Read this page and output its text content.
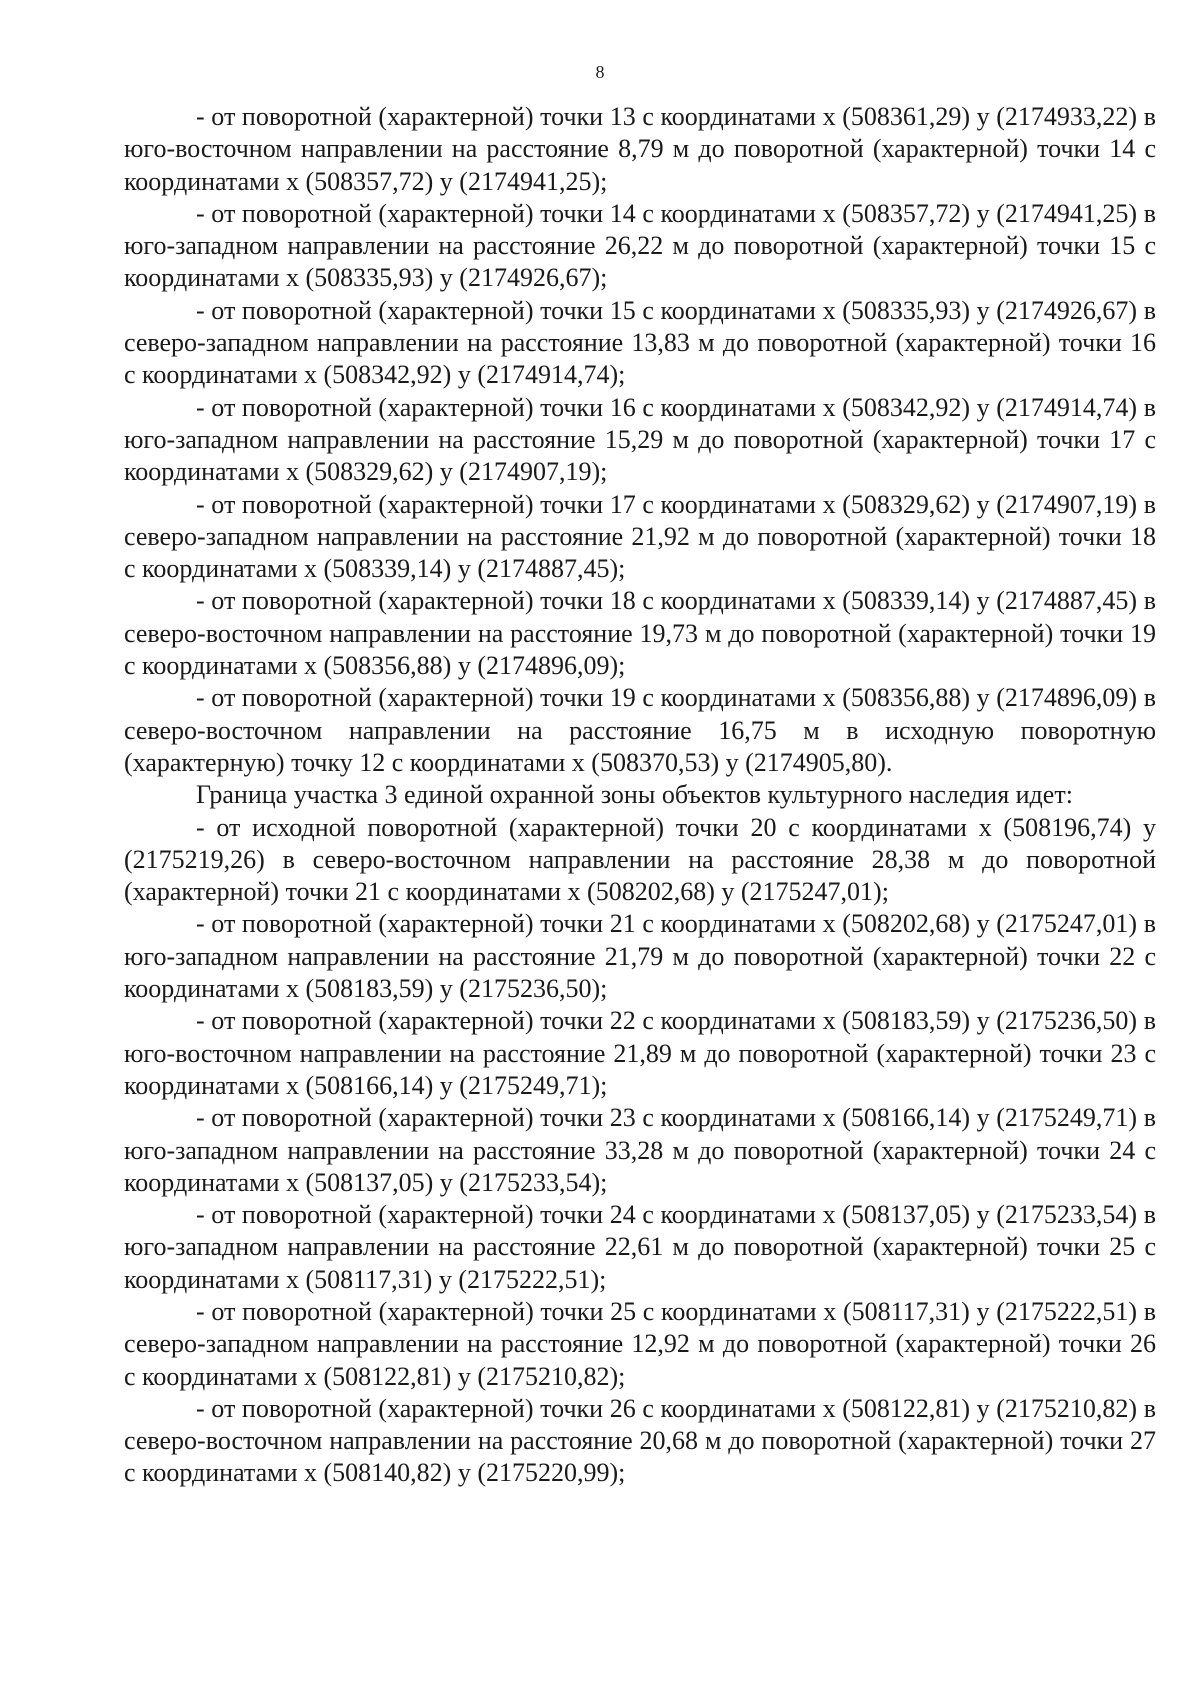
8

- от поворотной (характерной) точки 13 с координатами х (508361,29) у (2174933,22) в юго-восточном направлении на расстояние 8,79 м до поворотной (характерной) точки 14 с координатами х (508357,72) у (2174941,25);

- от поворотной (характерной) точки 14 с координатами х (508357,72) у (2174941,25) в юго-западном направлении на расстояние 26,22 м до поворотной (характерной) точки 15 с координатами х (508335,93) у (2174926,67);

- от поворотной (характерной) точки 15 с координатами х (508335,93) у (2174926,67) в северо-западном направлении на расстояние 13,83 м до поворотной (характерной) точки 16 с координатами х (508342,92) у (2174914,74);

- от поворотной (характерной) точки 16 с координатами х (508342,92) у (2174914,74) в юго-западном направлении на расстояние 15,29 м до поворотной (характерной) точки 17 с координатами х (508329,62) у (2174907,19);

- от поворотной (характерной) точки 17 с координатами х (508329,62) у (2174907,19) в северо-западном направлении на расстояние 21,92 м до поворотной (характерной) точки 18 с координатами х (508339,14) у (2174887,45);

- от поворотной (характерной) точки 18 с координатами х (508339,14) у (2174887,45) в северо-восточном направлении на расстояние 19,73 м до поворотной (характерной) точки 19 с координатами х (508356,88) у (2174896,09);

- от поворотной (характерной) точки 19 с координатами х (508356,88) у (2174896,09) в северо-восточном направлении на расстояние 16,75 м в исходную поворотную (характерную) точку 12 с координатами х (508370,53) у (2174905,80).

Граница участка 3 единой охранной зоны объектов культурного наследия идет:

- от исходной поворотной (характерной) точки 20 с координатами х (508196,74) у (2175219,26) в северо-восточном направлении на расстояние 28,38 м до поворотной (характерной) точки 21 с координатами х (508202,68) у (2175247,01);

- от поворотной (характерной) точки 21 с координатами х (508202,68) у (2175247,01) в юго-западном направлении на расстояние 21,79 м до поворотной (характерной) точки 22 с координатами х (508183,59) у (2175236,50);

- от поворотной (характерной) точки 22 с координатами х (508183,59) у (2175236,50) в юго-восточном направлении на расстояние 21,89 м до поворотной (характерной) точки 23 с координатами х (508166,14) у (2175249,71);

- от поворотной (характерной) точки 23 с координатами х (508166,14) у (2175249,71) в юго-западном направлении на расстояние 33,28 м до поворотной (характерной) точки 24 с координатами х (508137,05) у (2175233,54);

- от поворотной (характерной) точки 24 с координатами х (508137,05) у (2175233,54) в юго-западном направлении на расстояние 22,61 м до поворотной (характерной) точки 25 с координатами х (508117,31) у (2175222,51);

- от поворотной (характерной) точки 25 с координатами х (508117,31) у (2175222,51) в северо-западном направлении на расстояние 12,92 м до поворотной (характерной) точки 26 с координатами х (508122,81) у (2175210,82);

- от поворотной (характерной) точки 26 с координатами х (508122,81) у (2175210,82) в северо-восточном направлении на расстояние 20,68 м до поворотной (характерной) точки 27 с координатами х (508140,82) у (2175220,99);
